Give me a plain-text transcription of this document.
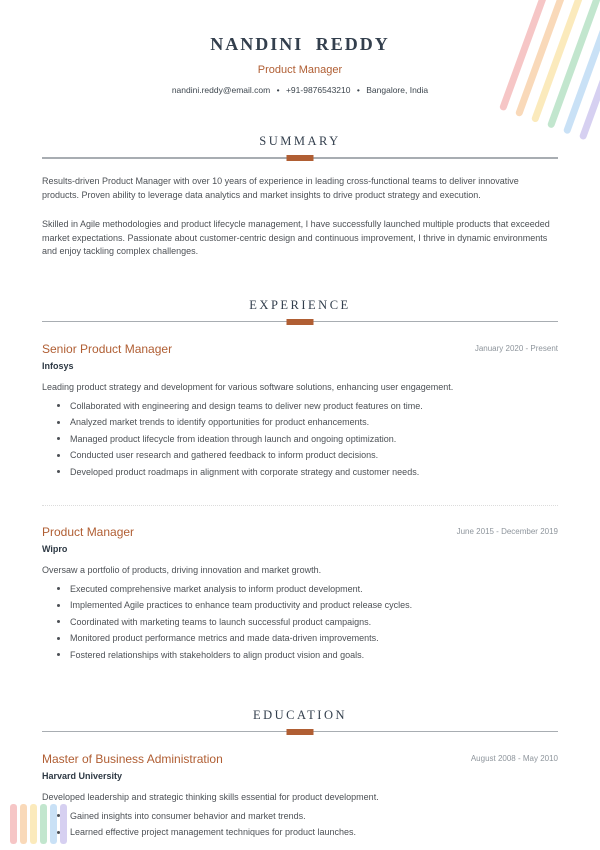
NANDINI REDDY
Product Manager
nandini.reddy@email.com • +91-9876543210 • Bangalore, India
SUMMARY

Results-driven Product Manager with over 10 years of experience in leading cross-functional teams to deliver innovative products. Proven ability to leverage data analytics and market insights to drive product strategy and execution.

Skilled in Agile methodologies and product lifecycle management, I have successfully launched multiple products that exceeded market expectations. Passionate about customer-centric design and continuous improvement, I thrive in dynamic environments and enjoy tackling complex challenges.

EXPERIENCE
Senior Product Manager	January 2020 - Present
Infosys

Leading product strategy and development for various software solutions, enhancing user engagement.

Collaborated with engineering and design teams to deliver new product features on time.
Analyzed market trends to identify opportunities for product enhancements.
Managed product lifecycle from ideation through launch and ongoing optimization.
Conducted user research and gathered feedback to inform product decisions.
Developed product roadmaps in alignment with corporate strategy and customer needs.
Product Manager	June 2015 - December 2019
Wipro

Oversaw a portfolio of products, driving innovation and market growth.

Executed comprehensive market analysis to inform product development.
Implemented Agile practices to enhance team productivity and product release cycles.
Coordinated with marketing teams to launch successful product campaigns.
Monitored product performance metrics and made data-driven improvements.
Fostered relationships with stakeholders to align product vision and goals.
EDUCATION
Master of Business Administration	August 2008 - May 2010
Harvard University

Developed leadership and strategic thinking skills essential for product development.

Gained insights into consumer behavior and market trends.
Learned effective project management techniques for product launches.
